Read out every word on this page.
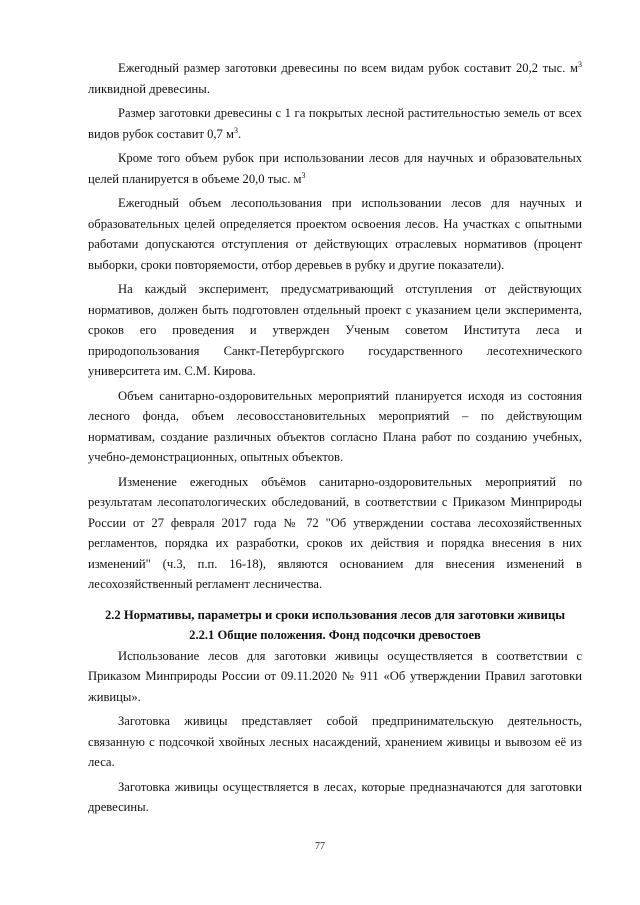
Ежегодный размер заготовки древесины по всем видам рубок составит 20,2 тыс. $м^3$ ликвидной древесины.

Размер заготовки древесины с 1 га покрытых лесной растительностью земель от всех видов рубок составит 0,7 $м^3$.

Кроме того объем рубок при использовании лесов для научных и образовательных целей планируется в объеме 20,0 тыс. $м^3$

Ежегодный объем лесопользования при использовании лесов для научных и образовательных целей определяется проектом освоения лесов. На участках с опытными работами допускаются отступления от действующих отраслевых нормативов (процент выборки, сроки повторяемости, отбор деревьев в рубку и другие показатели).

На каждый эксперимент, предусматривающий отступления от действующих нормативов, должен быть подготовлен отдельный проект с указанием цели эксперимента, сроков его проведения и утвержден Ученым советом Института леса и природопользования Санкт-Петербургского государственного лесотехнического университета им. С.М. Кирова.

Объем санитарно-оздоровительных мероприятий планируется исходя из состояния лесного фонда, объем лесовосстановительных мероприятий – по действующим нормативам, создание различных объектов согласно Плана работ по созданию учебных, учебно-демонстрационных, опытных объектов.

Изменение ежегодных объёмов санитарно-оздоровительных мероприятий по результатам лесопатологических обследований, в соответствии с Приказом Минприроды России от 27 февраля 2017 года № 72 "Об утверждении состава лесохозяйственных регламентов, порядка их разработки, сроков их действия и порядка внесения в них изменений" (ч.3, п.п. 16-18), являются основанием для внесения изменений в лесохозяйственный регламент лесничества.

2.2 Нормативы, параметры и сроки использования лесов для заготовки живицы
2.2.1 Общие положения. Фонд подсочки древостоев

Использование лесов для заготовки живицы осуществляется в соответствии с Приказом Минприроды России от 09.11.2020 № 911 «Об утверждении Правил заготовки живицы».

Заготовка живицы представляет собой предпринимательскую деятельность, связанную с подсочкой хвойных лесных насаждений, хранением живицы и вывозом её из леса.

Заготовка живицы осуществляется в лесах, которые предназначаются для заготовки древесины.

77
